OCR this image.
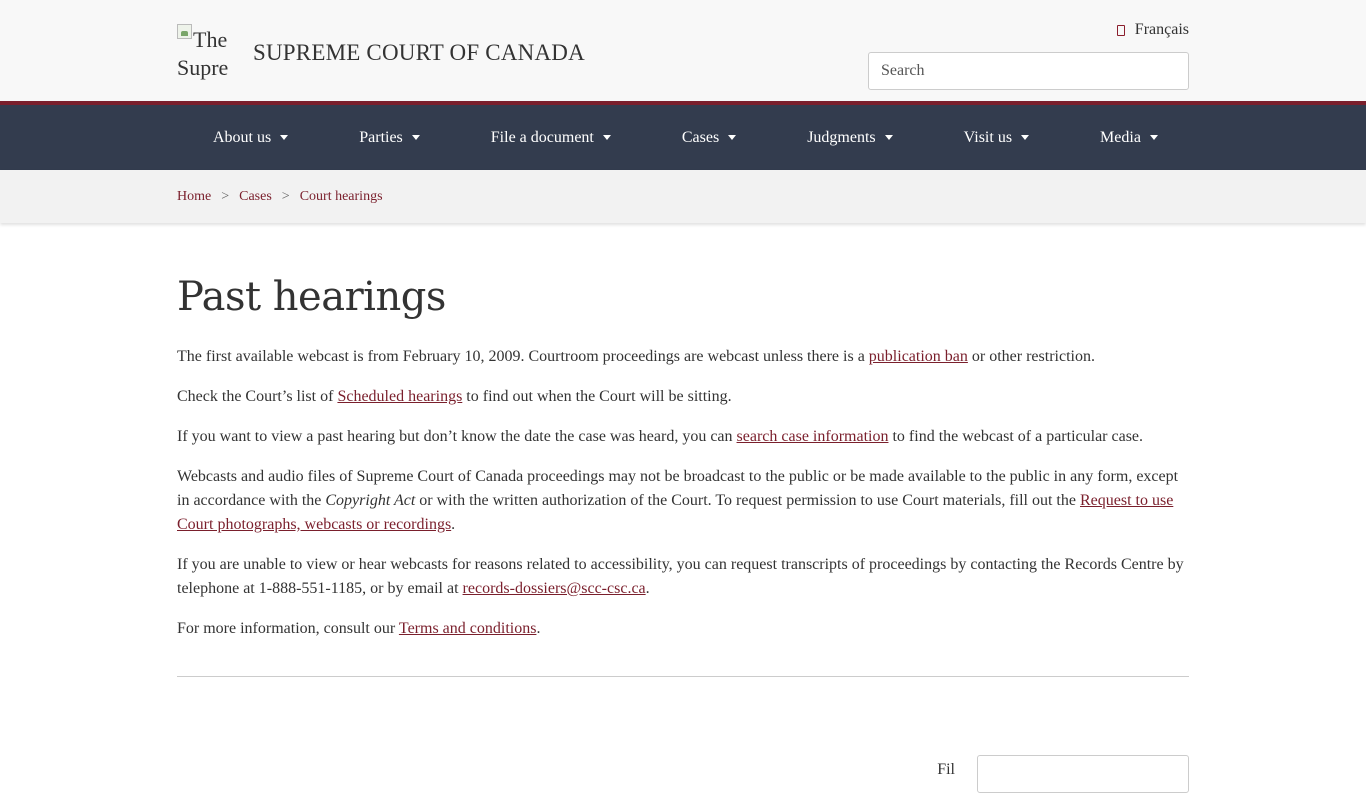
The
Supre
SUPREME COURT OF CANADA
Français
Search
About us	Parties	File a document	Cases	Judgments	Visit us	Media
Home > Cases > Court hearings
Past hearings

The first available webcast is from February 10, 2009. Courtroom proceedings are webcast unless there is a publication ban or other restriction.

Check the Court’s list of Scheduled hearings to find out when the Court will be sitting.

If you want to view a past hearing but don’t know the date the case was heard, you can search case information to find the webcast of a particular case.

Webcasts and audio files of Supreme Court of Canada proceedings may not be broadcast to the public or be made available to the public in any form, except in accordance with the Copyright Act or with the written authorization of the Court. To request permission to use Court materials, fill out the Request to use Court photographs, webcasts or recordings.

If you are unable to view or hear webcasts for reasons related to accessibility, you can request transcripts of proceedings by contacting the Records Centre by telephone at 1-888-551-1185, or by email at records-dossiers@scc-csc.ca.

For more information, consult our Terms and conditions.

Fil
